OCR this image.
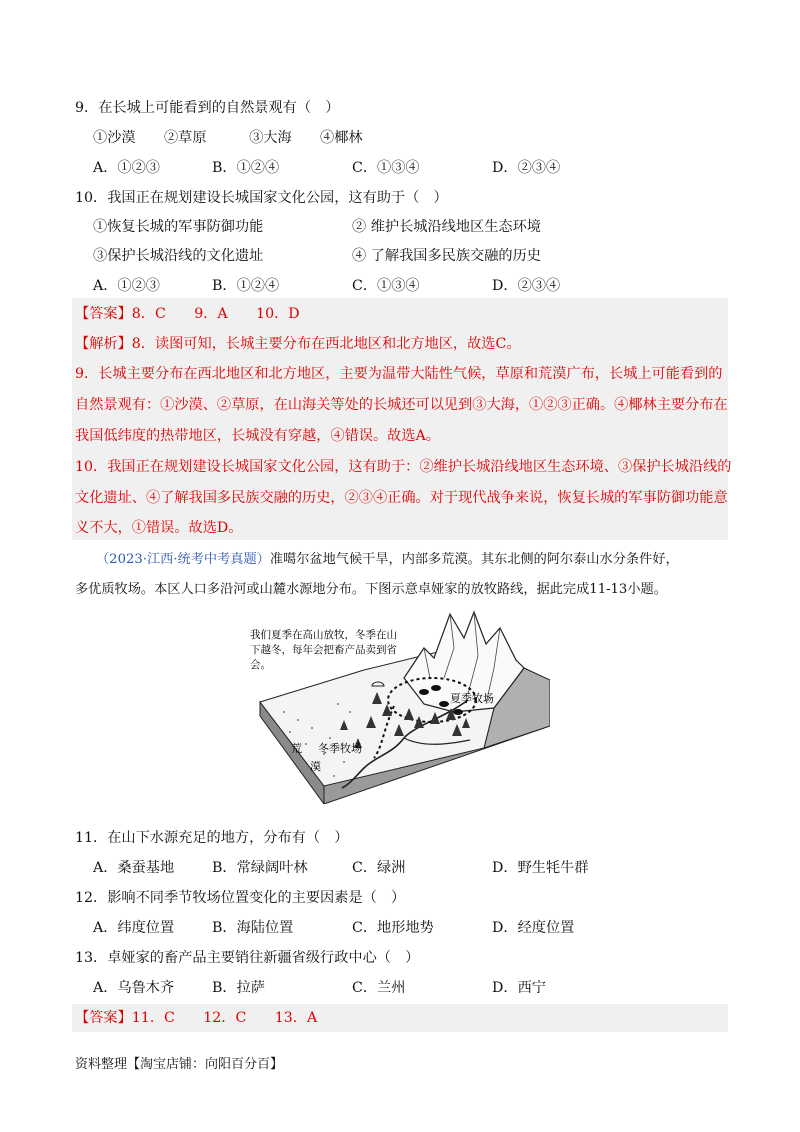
9．在长城上可能看到的自然景观有（　）
①沙漠　　②草原　　　③大海　　④椰林
A．①②③	B．①②④	C．①③④	D．②③④
10．我国正在规划建设长城国家文化公园，这有助于（　）
①恢复长城的军事防御功能	② 维护长城沿线地区生态环境
③保护长城沿线的文化遗址	④ 了解我国多民族交融的历史
A．①②③	B．①②④	C．①③④	D．②③④
【答案】8．C　　9．A　　10．D
【解析】8．读图可知，长城主要分布在西北地区和北方地区，故选C。
9．长城主要分布在西北地区和北方地区，主要为温带大陆性气候，草原和荒漠广布，长城上可能看到的
自然景观有：①沙漠、②草原，在山海关等处的长城还可以见到③大海，①②③正确。④椰林主要分布在
我国低纬度的热带地区，长城没有穿越，④错误。故选A。
10．我国正在规划建设长城国家文化公园，这有助于：②维护长城沿线地区生态环境、③保护长城沿线的
文化遗址、④了解我国多民族交融的历史，②③④正确。对于现代战争来说，恢复长城的军事防御功能意
义不大，①错误。故选D。
（2023·江西·统考中考真题）准噶尔盆地气候干旱，内部多荒漠。其东北侧的阿尔泰山水分条件好，
多优质牧场。本区人口多沿河或山麓水源地分布。下图示意卓娅家的放牧路线，据此完成11-13小题。
我们夏季在高山放牧，冬季在山下越冬，每年会把畜产品卖到省会。
夏季牧场
冬季牧场
荒
漠
11．在山下水源充足的地方，分布有（　）
A．桑蚕基地	B．常绿阔叶林	C．绿洲	D．野生牦牛群
12．影响不同季节牧场位置变化的主要因素是（　）
A．纬度位置	B．海陆位置	C．地形地势	D．经度位置
13．卓娅家的畜产品主要销往新疆省级行政中心（　）
A．乌鲁木齐	B．拉萨	C．兰州	D．西宁
【答案】11．C　　12．C　　13．A
资料整理【淘宝店铺：向阳百分百】
